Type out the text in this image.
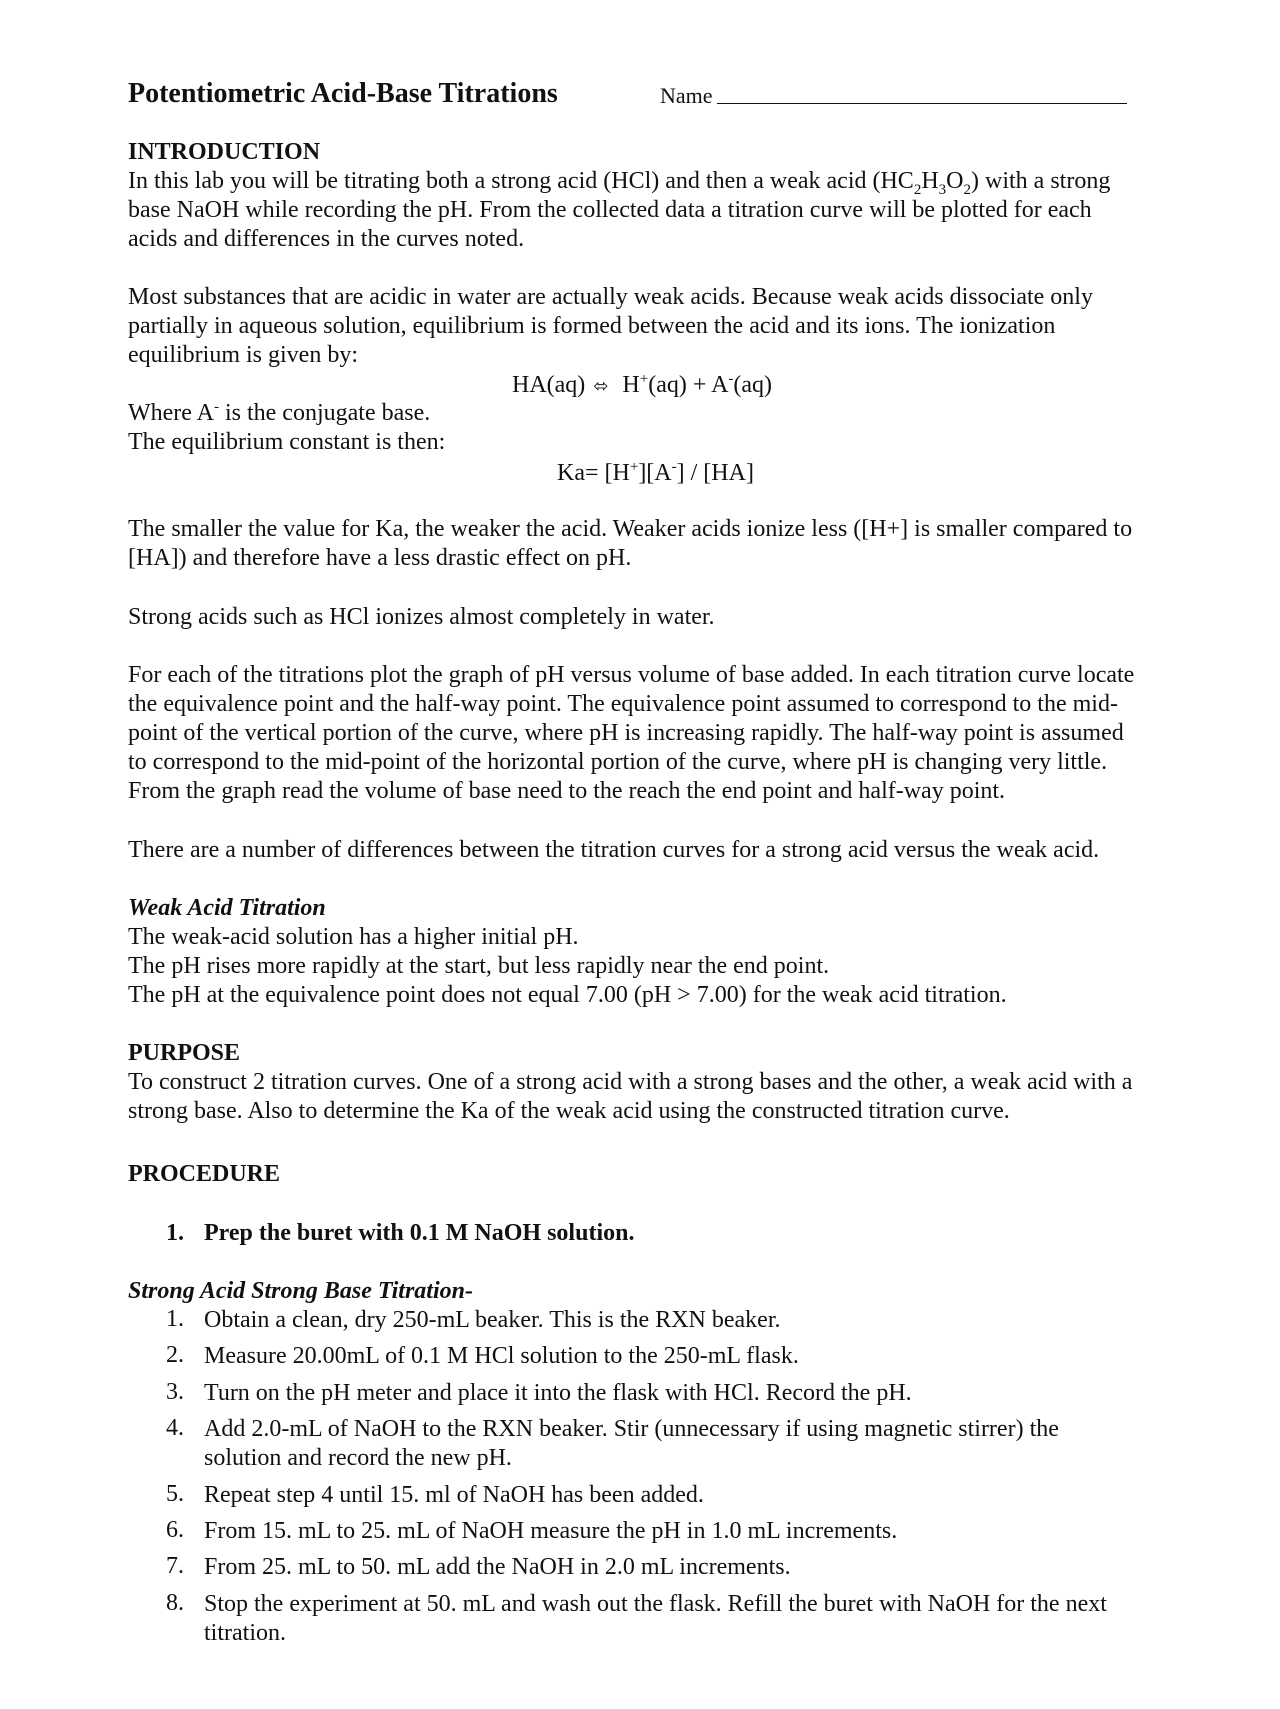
Potentiometric Acid-Base Titrations	Name
INTRODUCTION
In this lab you will be titrating both a strong acid (HCl) and then a weak acid $(HC_2H_3O_2)$ with a strong
base NaOH while recording the pH. From the collected data a titration curve will be plotted for each
acids and differences in the curves noted.
Most substances that are acidic in water are actually weak acids. Because weak acids dissociate only
partially in aqueous solution, equilibrium is formed between the acid and its ions. The ionization
equilibrium is given by:
HA(aq) ⬄ H+(aq) + A-(aq)
Where A- is the conjugate base.
The equilibrium constant is then:
Ka= [H+][A-] / [HA]
The smaller the value for Ka, the weaker the acid. Weaker acids ionize less ([H+] is smaller compared to
[HA]) and therefore have a less drastic effect on pH.
Strong acids such as HCl ionizes almost completely in water.
For each of the titrations plot the graph of pH versus volume of base added. In each titration curve locate
the equivalence point and the half-way point. The equivalence point assumed to correspond to the mid-
point of the vertical portion of the curve, where pH is increasing rapidly. The half-way point is assumed
to correspond to the mid-point of the horizontal portion of the curve, where pH is changing very little.
From the graph read the volume of base need to the reach the end point and half-way point.
There are a number of differences between the titration curves for a strong acid versus the weak acid.
Weak Acid Titration
The weak-acid solution has a higher initial pH.
The pH rises more rapidly at the start, but less rapidly near the end point.
The pH at the equivalence point does not equal 7.00 (pH > 7.00) for the weak acid titration.
PURPOSE
To construct 2 titration curves. One of a strong acid with a strong bases and the other, a weak acid with a
strong base. Also to determine the Ka of the weak acid using the constructed titration curve.
PROCEDURE
1. Prep the buret with 0.1 M NaOH solution.
Strong Acid Strong Base Titration-
1. Obtain a clean, dry 250-mL beaker. This is the RXN beaker.
2. Measure 20.00mL of 0.1 M HCl solution to the 250-mL flask.
3. Turn on the pH meter and place it into the flask with HCl. Record the pH.
4. Add 2.0-mL of NaOH to the RXN beaker. Stir (unnecessary if using magnetic stirrer) the
solution and record the new pH.
5. Repeat step 4 until 15. ml of NaOH has been added.
6. From 15. mL to 25. mL of NaOH measure the pH in 1.0 mL increments.
7. From 25. mL to 50. mL add the NaOH in 2.0 mL increments.
8. Stop the experiment at 50. mL and wash out the flask. Refill the buret with NaOH for the next
titration.
